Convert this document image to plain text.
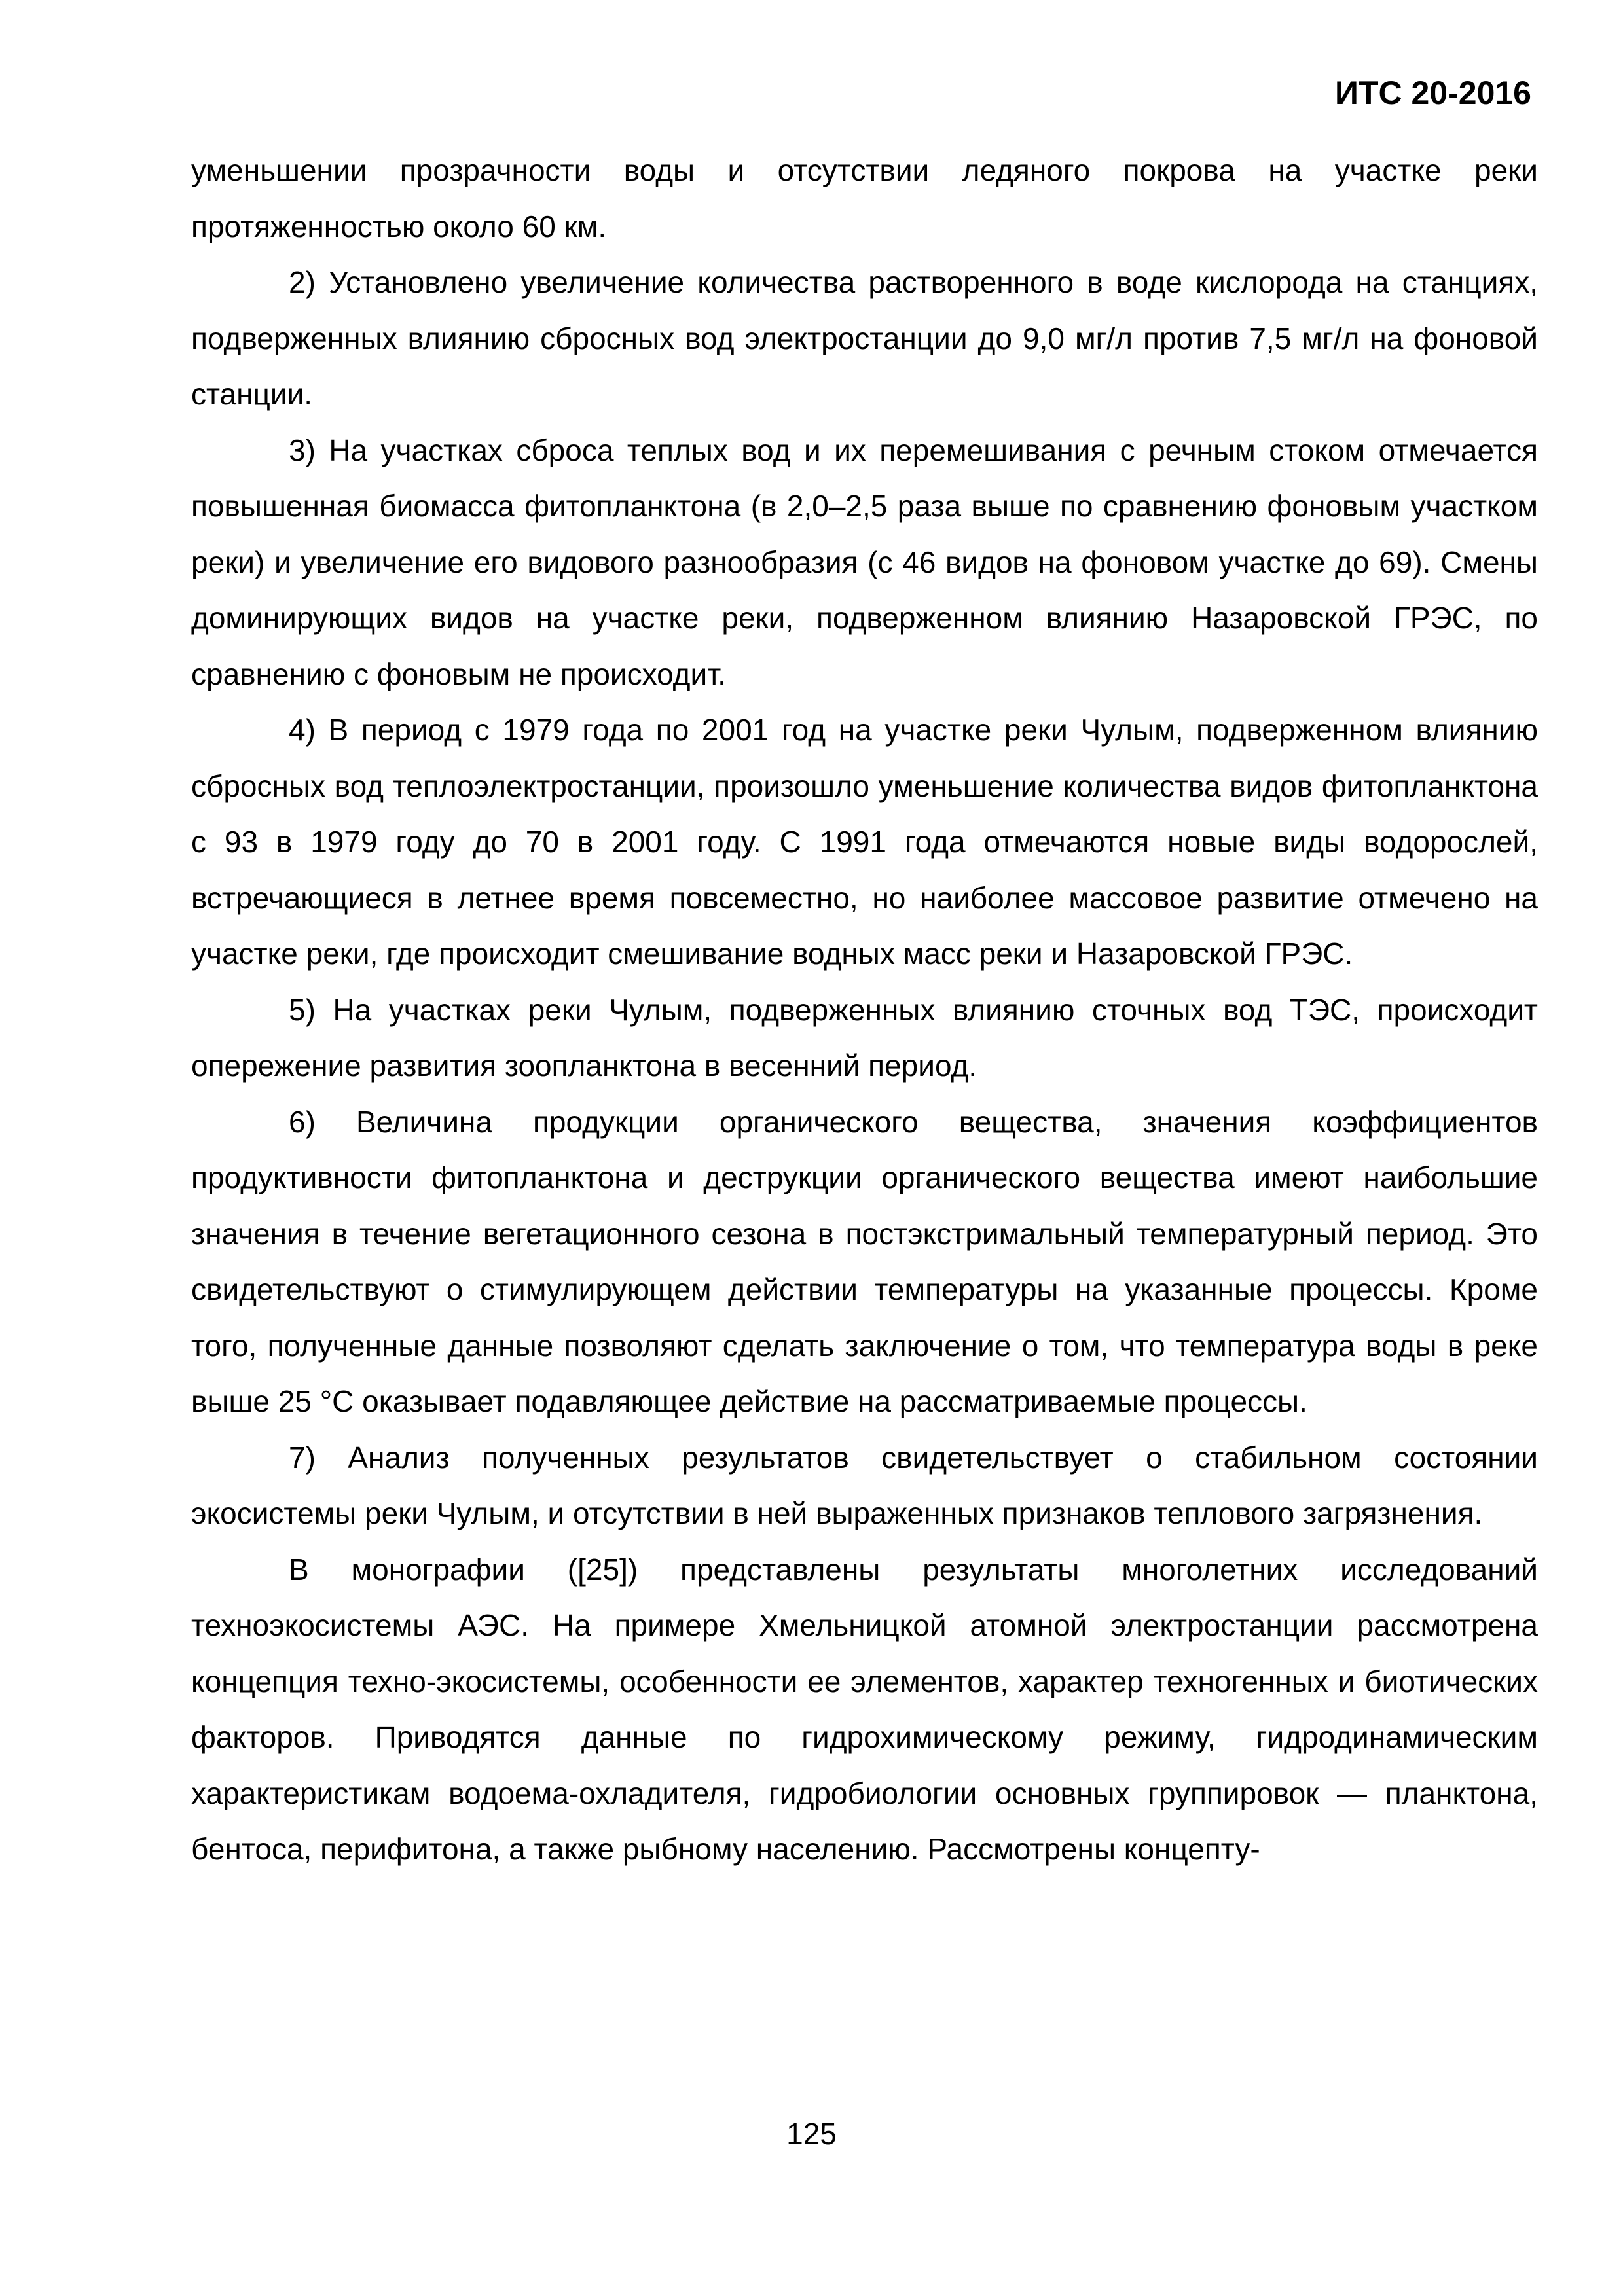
ИТС 20-2016

уменьшении прозрачности воды и отсутствии ледяного покрова на участке реки протяженностью около 60 км.

2) Установлено увеличение количества растворенного в воде кислорода на станциях, подверженных влиянию сбросных вод электростанции до 9,0 мг/л против 7,5 мг/л на фоновой станции.

3) На участках сброса теплых вод и их перемешивания с речным стоком отмечается повышенная биомасса фитопланктона (в 2,0–2,5 раза выше по сравнению фоновым участком реки) и увеличение его видового разнообразия (с 46 видов на фоновом участке до 69). Смены доминирующих видов на участке реки, подверженном влиянию Назаровской ГРЭС, по сравнению с фоновым не происходит.

4) В период с 1979 года по 2001 год на участке реки Чулым, подверженном влиянию сбросных вод теплоэлектростанции, произошло уменьшение количества видов фитопланктона с 93 в 1979 году до 70 в 2001 году. С 1991 года отмечаются новые виды водорослей, встречающиеся в летнее время повсеместно, но наиболее массовое развитие отмечено на участке реки, где происходит смешивание водных масс реки и Назаровской ГРЭС.

5) На участках реки Чулым, подверженных влиянию сточных вод ТЭС, происходит опережение развития зоопланктона в весенний период.

6) Величина продукции органического вещества, значения коэффициентов продуктивности фитопланктона и деструкции органического вещества имеют наибольшие значения в течение вегетационного сезона в постэкстримальный температурный период. Это свидетельствуют о стимулирующем действии температуры на указанные процессы. Кроме того, полученные данные позволяют сделать заключение о том, что температура воды в реке выше 25 °С оказывает подавляющее действие на рассматриваемые процессы.

7) Анализ полученных результатов свидетельствует о стабильном состоянии экосистемы реки Чулым, и отсутствии в ней выраженных признаков теплового загрязнения.

В монографии ([25]) представлены результаты многолетних исследований техноэкосистемы АЭС. На примере Хмельницкой атомной электростанции рассмотрена концепция техно-экосистемы, особенности ее элементов, характер техногенных и биотических факторов. Приводятся данные по гидрохимическому режиму, гидродинамическим характеристикам водоема-охладителя, гидробиологии основных группировок — планктона, бентоса, перифитона, а также рыбному населению. Рассмотрены концепту-

125
